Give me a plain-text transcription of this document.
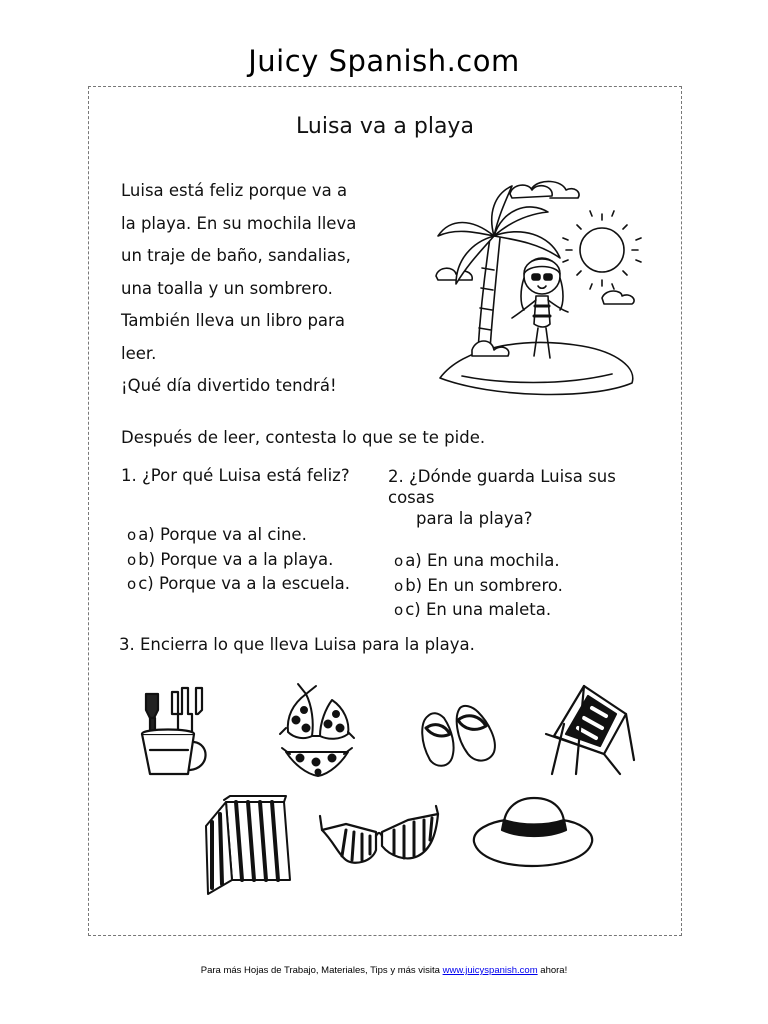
Juicy Spanish.com
Luisa va a playa
Luisa está feliz porque va a
la playa. En su mochila lleva
un traje de baño, sandalias,
una toalla y un sombrero.
También lleva un libro para
leer.
¡Qué día divertido tendrá!
Después de leer, contesta lo que se te pide.
1. ¿Por qué Luisa está feliz? 2. ¿Dónde guarda Luisa sus
cosas
para la playa?
o a) Porque va al cine.
o b) Porque va a la playa.
o c) Porque va a la escuela.
o a) En una mochila.
o b) En un sombrero.
o c) En una maleta.
3. Encierra lo que lleva Luisa para la playa.
Para más Hojas de Trabajo, Materiales, Tips y más visita www.juicyspanish.com ahora!
